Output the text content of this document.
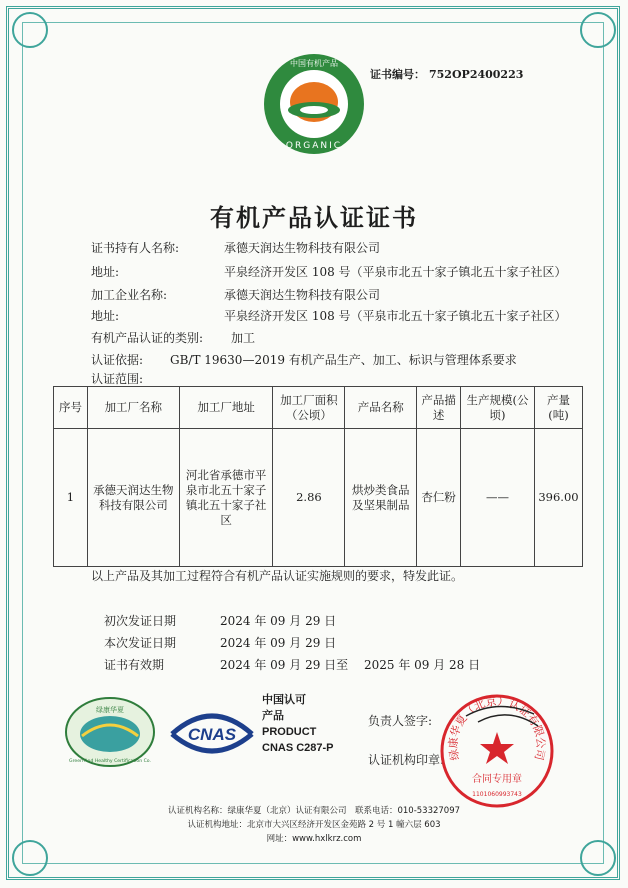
证书编号： 752OP2400223
中国有机产品
ORGANIC
有机产品认证证书
证书持有人名称:	承德天润达生物科技有限公司
地址:	平泉经济开发区 108 号（平泉市北五十家子镇北五十家子社区）
加工企业名称:	承德天润达生物科技有限公司
地址:	平泉经济开发区 108 号（平泉市北五十家子镇北五十家子社区）
有机产品认证的类别: 加工
认证依据: GB/T 19630—2019 有机产品生产、加工、标识与管理体系要求
认证范围:
序号	加工厂名称	加工厂地址	加工厂面积（公顷）	产品名称	产品描述	生产规模(公顷)	产量(吨)
1	承德天润达生物科技有限公司	河北省承德市平泉市北五十家子镇北五十家子社区	2.86	烘炒类食品及坚果制品	杏仁粉	——	396.00
以上产品及其加工过程符合有机产品认证实施规则的要求，特发此证。
初次发证日期	2024 年 09 月 29 日
本次发证日期	2024 年 09 月 29 日
证书有效期	2024 年 09 月 29 日至　 2025 年 09 月 28 日
绿康华夏
Green And Healthy Certification Co.
CNAS
中国认可
产品
PRODUCT
CNAS C287-P
负责人签字:
认证机构印章: 绿康华夏（北京）认证有限公司
合同专用章
1101060993743
认证机构名称：绿康华夏（北京）认证有限公司　联系电话：010-53327097
认证机构地址：北京市大兴区经济开发区金苑路 2 号 1 幢六层 603
网址：www.hxlkrz.com
